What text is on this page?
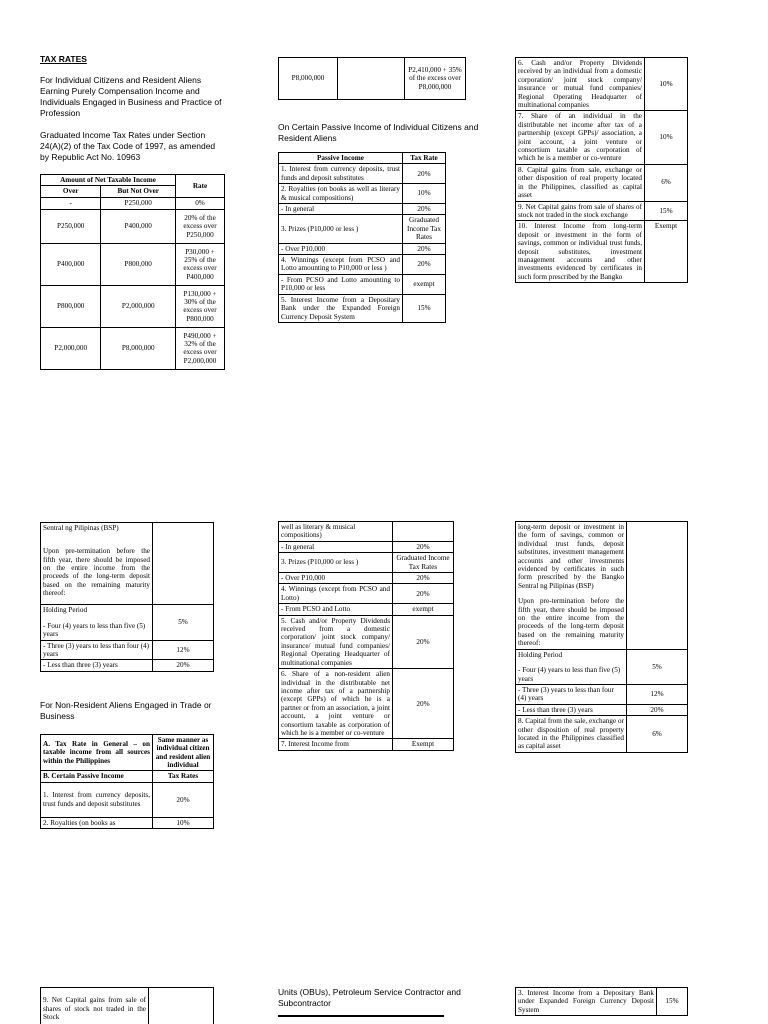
TAX RATES
For Individual Citizens and Resident Aliens Earning Purely Compensation Income and Individuals Engaged in Business and Practice of Profession
Graduated Income Tax Rates under Section 24(A)(2) of the Tax Code of 1997, as amended by Republic Act No. 10963
Amount of Net Taxable Income		Rate
Over	But Not Over	
-	P250,000	0%
P250,000	P400,000	20% of the excess over P250,000
P400,000	P800,000	P30,000 + 25% of the excess over P400,000
P800,000	P2,000,000	P130,000 + 30% of the excess over P800,000
P2,000,000	P8,000,000	P490,000 + 32% of the excess over P2,000,000
P8,000,000		P2,410,000 + 35% of the excess over P8,000,000
On Certain Passive Income of Individual Citizens and Resident Aliens
Passive Income	Tax Rate
1. Interest from currency deposits, trust funds and deposit substitutes	20%
2. Royalties (on books as well as literary & musical compositions)	10%
- In general	20%
3. Prizes (P10,000 or less )	Graduated Income Tax Rates
- Over P10,000	20%
4. Winnings (except from PCSO and Lotto amounting to P10,000 or less )	20%
- From PCSO and Lotto amounting to P10,000 or less	exempt
5. Interest Income from a Depositary Bank under the Expanded Foreign Currency Deposit System	15%
6. Cash and/or Property Dividends received by an individual from a domestic corporation/ joint stock company/ insurance or mutual fund companies/ Regional Operating Headquarter of multinational companies	10%
7. Share of an individual in the distributable net income after tax of a partnership (except GPPs)/ association, a joint account, a joint venture or consortium taxable as corporation of which he is a member or co-venture	10%
8. Capital gains from sale, exchange or other disposition of real property located in the Philippines, classified as capital asset	6%
9. Net Capital gains from sale of shares of stock not traded in the stock exchange	15%
10. Interest Income from long-term deposit or investment in the form of savings, common or individual trust funds, deposit substitutes, investment management accounts and other investments evidenced by certificates in such form prescribed by the Bangko	Exempt
Sentral ng Pilipinas (BSP)	
Upon pre-termination before the fifth year, there should be imposed on the entire income from the proceeds of the long-term deposit based on the remaining maturity thereof:	
Holding Period	5%
- Four (4) years to less than five (5) years	
- Three (3) years to less than four (4) years	12%
- Less than three (3) years	20%
For Non-Resident Aliens Engaged in Trade or Business
A. Tax Rate in General – on taxable income from all sources within the Philippines	Same manner as individual citizen and resident alien individual
B. Certain Passive Income	Tax Rates
1. Interest from currency deposits, trust funds and deposit substitutes	20%
2. Royalties (on books as	10%
well as literary & musical compositions)	
- In general	20%
3. Prizes (P10,000 or less )	Graduated Income Tax Rates
- Over P10,000	20%
4. Winnings (except from PCSO and Lotto)	20%
- From PCSO and Lotto	exempt
5. Cash and/or Property Dividends received from a domestic corporation/ joint stock company/ insurance/ mutual fund companies/ Regional Operating Headquarter of multinational companies	20%
6. Share of a non-resident alien individual in the distributable net income after tax of a partnership (except GPPs) of which he is a partner or from an association, a joint account, a joint venture or consortium taxable as corporation of which he is a member or co-venture	20%
7. Interest Income from	Exempt
long-term deposit or investment in the form of savings, common or individual trust funds, deposit substitutes, investment management accounts and other investments evidenced by certificates in such form prescribed by the Bangko Sentral ng Pilipinas (BSP)	
Upon pre-termination before the fifth year, there should be imposed on the entire income from the proceeds of the long-term deposit based on the remaining maturity thereof:	
Holding Period	5%
- Four (4) years to less than five (5) years	
- Three (3) years to less than four (4) years	12%
- Less than three (3) years	20%
8. Capital from the sale, exchange or other disposition of real property located in the Philippines classified as capital asset	6%
9. Net Capital gains from sale of shares of stock not traded in the Stock	
Units (OBUs), Petroleum Service Contractor and Subcontractor
3. Interest Income from a Depositary Bank under Expanded Foreign Currency Deposit System	15%
